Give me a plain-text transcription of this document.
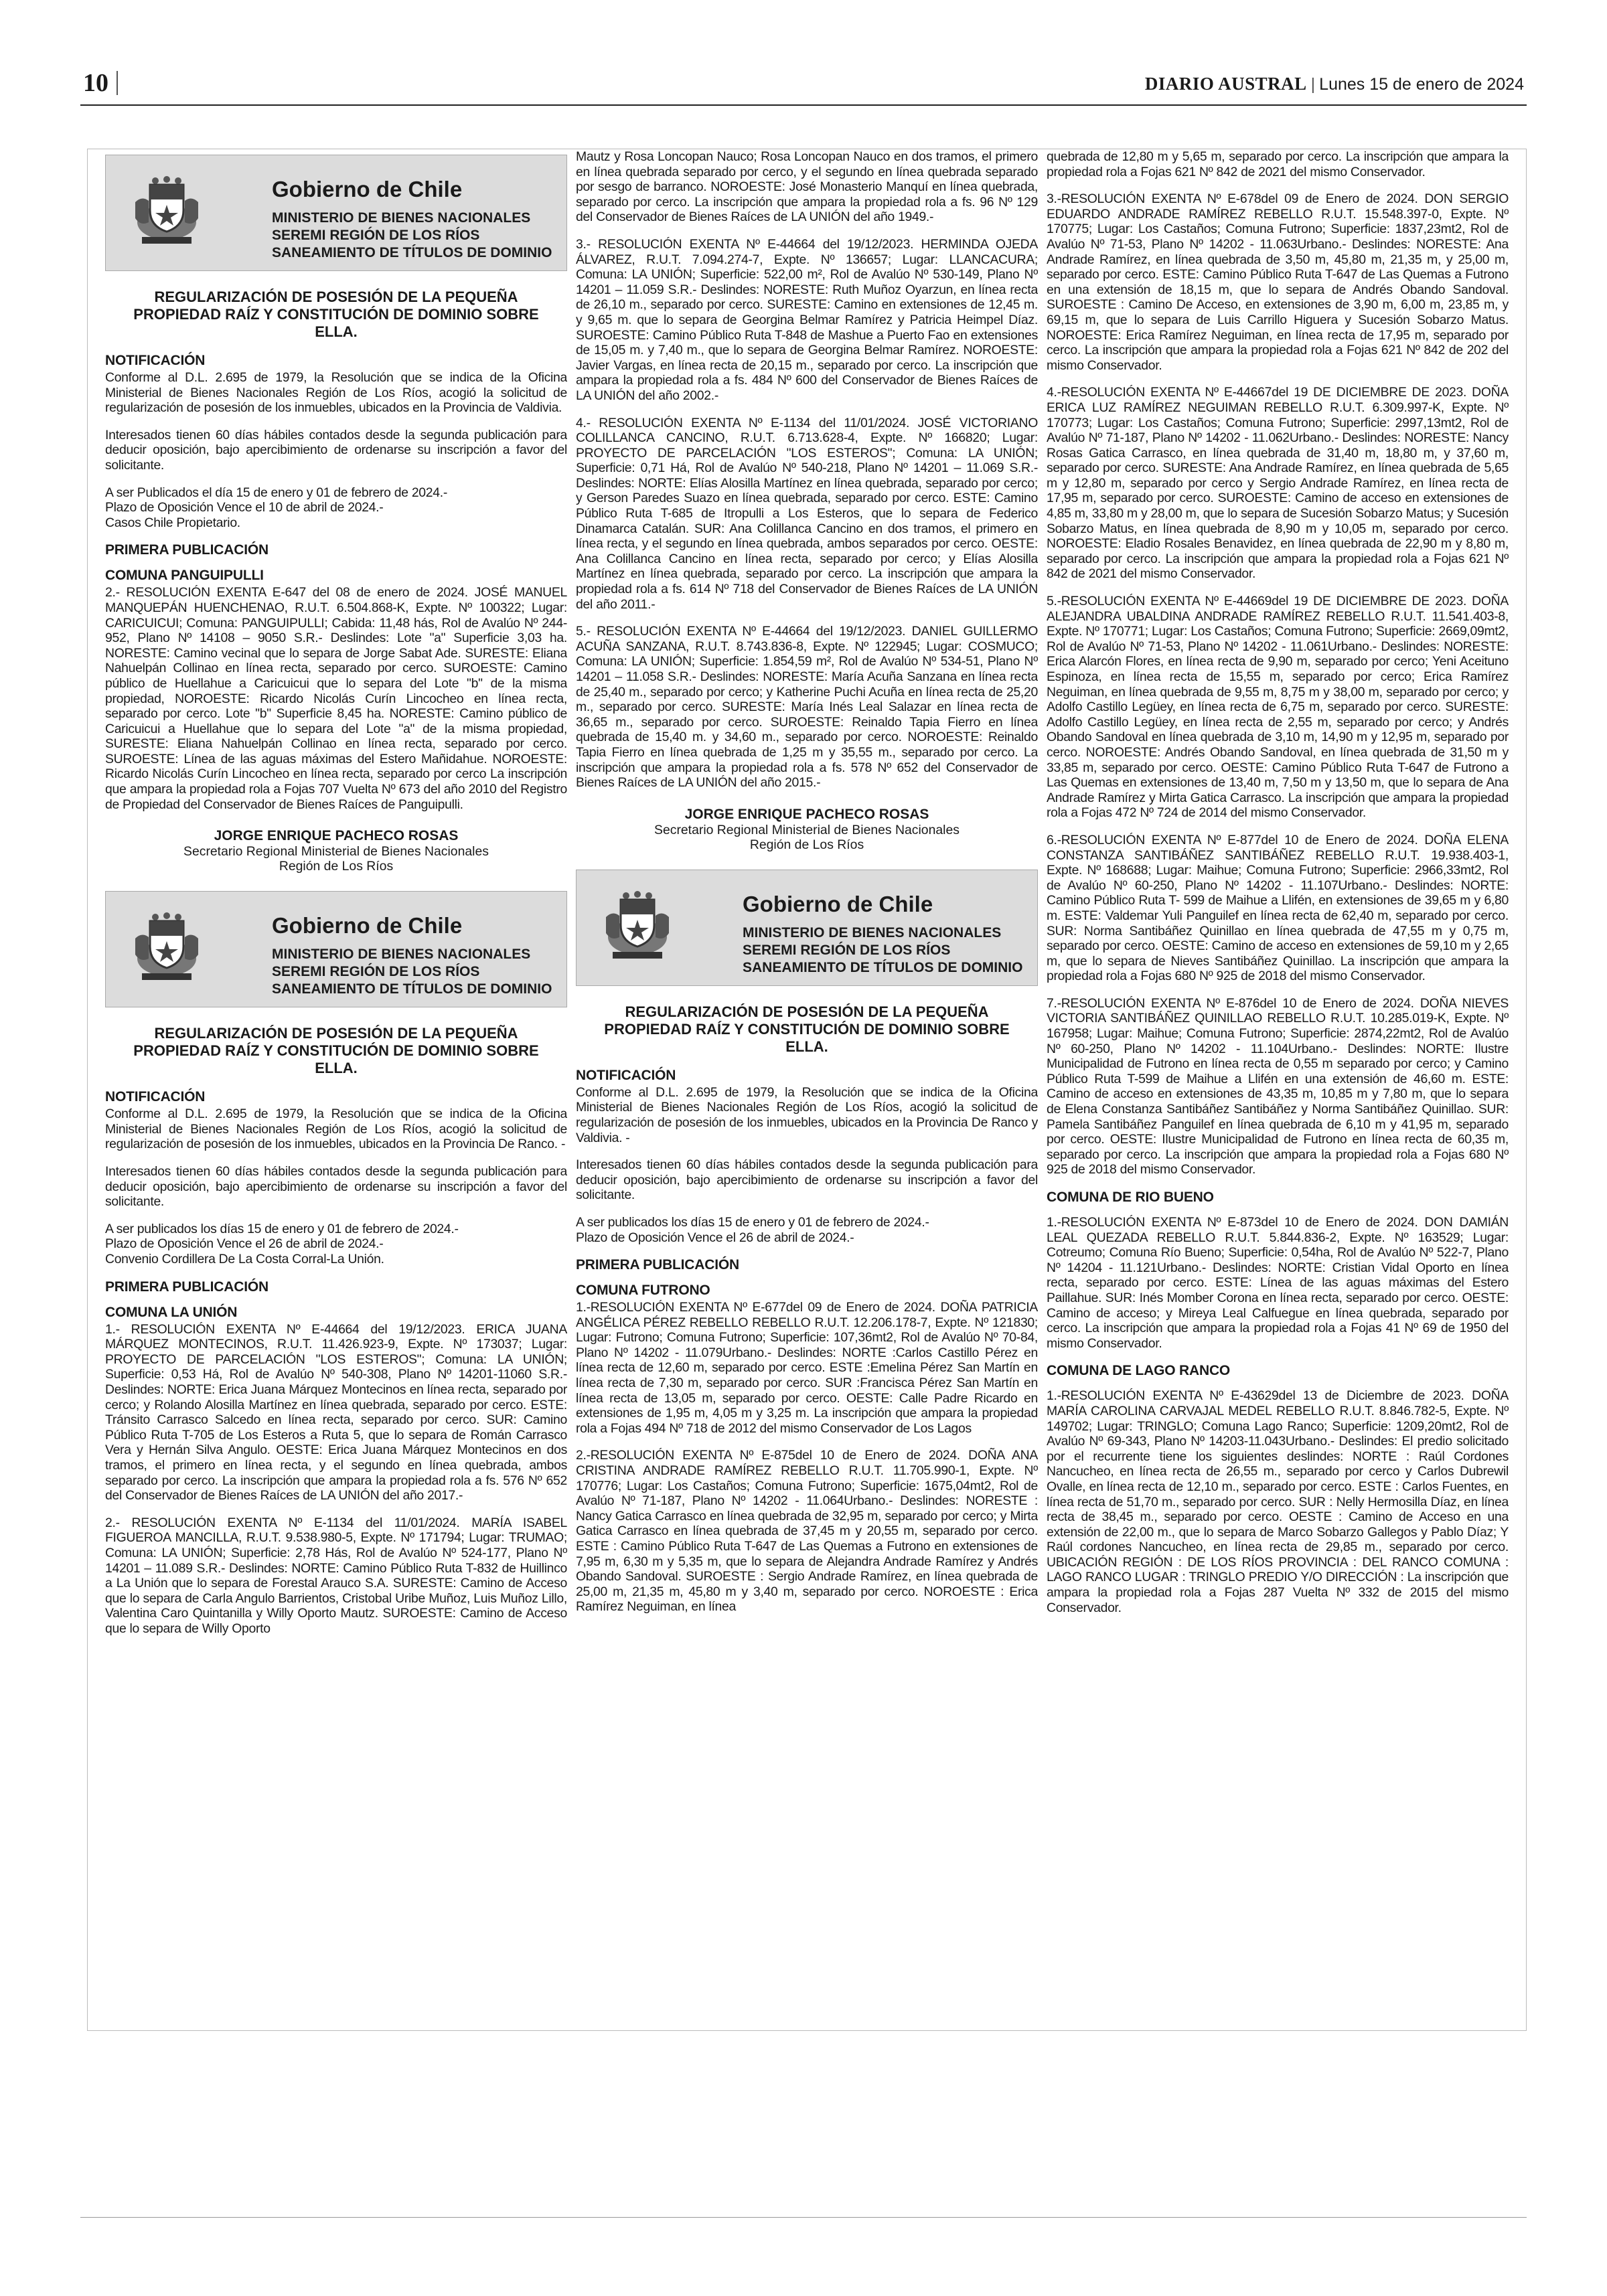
10	DIARIO AUSTRAL | Lunes 15 de enero de 2024
Gobierno de Chile
MINISTERIO DE BIENES NACIONALES
SEREMI REGIÓN DE LOS RÍOS
SANEAMIENTO DE TÍTULOS DE DOMINIO
REGULARIZACIÓN DE POSESIÓN DE LA PEQUEÑA PROPIEDAD RAÍZ Y CONSTITUCIÓN DE DOMINIO SOBRE ELLA.
NOTIFICACIÓN

Conforme al D.L. 2.695 de 1979, la Resolución que se indica de la Oficina Ministerial de Bienes Nacionales Región de Los Ríos, acogió la solicitud de regularización de posesión de los inmuebles, ubicados en la Provincia de Valdivia.

Interesados tienen 60 días hábiles contados desde la segunda publicación para deducir oposición, bajo apercibimiento de ordenarse su inscripción a favor del solicitante.

A ser Publicados el día 15 de enero y 01 de febrero de 2024.-

Plazo de Oposición Vence el 10 de abril de 2024.-

Casos Chile Propietario.

PRIMERA PUBLICACIÓN
COMUNA PANGUIPULLI

2.- RESOLUCIÓN EXENTA E-647 del 08 de enero de 2024. JOSÉ MANUEL MANQUEPÁN HUENCHENAO, R.U.T. 6.504.868-K, Expte. Nº 100322; Lugar: CARICUICUI; Comuna: PANGUIPULLI; Cabida: 11,48 hás, Rol de Avalúo Nº 244-952, Plano Nº 14108 – 9050 S.R.- Deslindes: Lote "a" Superficie 3,03 ha. NORESTE: Camino vecinal que lo separa de Jorge Sabat Ade. SURESTE: Eliana Nahuelpán Collinao en línea recta, separado por cerco. SUROESTE: Camino público de Huellahue a Caricuicui que lo separa del Lote "b" de la misma propiedad, NOROESTE: Ricardo Nicolás Curín Lincocheo en línea recta, separado por cerco. Lote "b" Superficie 8,45 ha. NORESTE: Camino público de Caricuicui a Huellahue que lo separa del Lote "a" de la misma propiedad, SURESTE: Eliana Nahuelpán Collinao en línea recta, separado por cerco. SUROESTE: Línea de las aguas máximas del Estero Mañidahue. NOROESTE: Ricardo Nicolás Curín Lincocheo en línea recta, separado por cerco La inscripción que ampara la propiedad rola a Fojas 707 Vuelta Nº 673 del año 2010 del Registro de Propiedad del Conservador de Bienes Raíces de Panguipulli.

JORGE ENRIQUE PACHECO ROSAS
Secretario Regional Ministerial de Bienes Nacionales
Región de Los Ríos
Gobierno de Chile
MINISTERIO DE BIENES NACIONALES
SEREMI REGIÓN DE LOS RÍOS
SANEAMIENTO DE TÍTULOS DE DOMINIO
REGULARIZACIÓN DE POSESIÓN DE LA PEQUEÑA PROPIEDAD RAÍZ Y CONSTITUCIÓN DE DOMINIO SOBRE ELLA.
NOTIFICACIÓN

Conforme al D.L. 2.695 de 1979, la Resolución que se indica de la Oficina Ministerial de Bienes Nacionales Región de Los Ríos, acogió la solicitud de regularización de posesión de los inmuebles, ubicados en la Provincia De Ranco. -

Interesados tienen 60 días hábiles contados desde la segunda publicación para deducir oposición, bajo apercibimiento de ordenarse su inscripción a favor del solicitante.

A ser publicados los días 15 de enero y 01 de febrero de 2024.-

Plazo de Oposición Vence el 26 de abril de 2024.-

Convenio Cordillera De La Costa Corral-La Unión.

PRIMERA PUBLICACIÓN
COMUNA LA UNIÓN

1.- RESOLUCIÓN EXENTA Nº E-44664 del 19/12/2023. ERICA JUANA MÁRQUEZ MONTECINOS, R.U.T. 11.426.923-9, Expte. Nº 173037; Lugar: PROYECTO DE PARCELACIÓN "LOS ESTEROS"; Comuna: LA UNIÓN; Superficie: 0,53 Há, Rol de Avalúo Nº 540-308, Plano Nº 14201-11060 S.R.- Deslindes: NORTE: Erica Juana Márquez Montecinos en línea recta, separado por cerco; y Rolando Alosilla Martínez en línea quebrada, separado por cerco. ESTE: Tránsito Carrasco Salcedo en línea recta, separado por cerco. SUR: Camino Público Ruta T-705 de Los Esteros a Ruta 5, que lo separa de Román Carrasco Vera y Hernán Silva Angulo. OESTE: Erica Juana Márquez Montecinos en dos tramos, el primero en línea recta, y el segundo en línea quebrada, ambos separado por cerco. La inscripción que ampara la propiedad rola a fs. 576 Nº 652 del Conservador de Bienes Raíces de LA UNIÓN del año 2017.-

2.- RESOLUCIÓN EXENTA Nº E-1134 del 11/01/2024. MARÍA ISABEL FIGUEROA MANCILLA, R.U.T. 9.538.980-5, Expte. Nº 171794; Lugar: TRUMAO; Comuna: LA UNIÓN; Superficie: 2,78 Hás, Rol de Avalúo Nº 524-177, Plano Nº 14201 – 11.089 S.R.- Deslindes: NORTE: Camino Público Ruta T-832 de Huillinco a La Unión que lo separa de Forestal Arauco S.A. SURESTE: Camino de Acceso que lo separa de Carla Angulo Barrientos, Cristobal Uribe Muñoz, Luis Muñoz Lillo, Valentina Caro Quintanilla y Willy Oporto Mautz. SUROESTE: Camino de Acceso que lo separa de Willy Oporto

Mautz y Rosa Loncopan Nauco; Rosa Loncopan Nauco en dos tramos, el primero en línea quebrada separado por cerco, y el segundo en línea quebrada separado por sesgo de barranco. NOROESTE: José Monasterio Manquí en línea quebrada, separado por cerco. La inscripción que ampara la propiedad rola a fs. 96 Nº 129 del Conservador de Bienes Raíces de LA UNIÓN del año 1949.-

3.- RESOLUCIÓN EXENTA Nº E-44664 del 19/12/2023. HERMINDA OJEDA ÁLVAREZ, R.U.T. 7.094.274-7, Expte. Nº 136657; Lugar: LLANCACURA; Comuna: LA UNIÓN; Superficie: 522,00 m², Rol de Avalúo Nº 530-149, Plano Nº 14201 – 11.059 S.R.- Deslindes: NORESTE: Ruth Muñoz Oyarzun, en línea recta de 26,10 m., separado por cerco. SURESTE: Camino en extensiones de 12,45 m. y 9,65 m. que lo separa de Georgina Belmar Ramírez y Patricia Heimpel Díaz. SUROESTE: Camino Público Ruta T-848 de Mashue a Puerto Fao en extensiones de 15,05 m. y 7,40 m., que lo separa de Georgina Belmar Ramírez. NOROESTE: Javier Vargas, en línea recta de 20,15 m., separado por cerco. La inscripción que ampara la propiedad rola a fs. 484 Nº 600 del Conservador de Bienes Raíces de LA UNIÓN del año 2002.-

4.- RESOLUCIÓN EXENTA Nº E-1134 del 11/01/2024. JOSÉ VICTORIANO COLILLANCA CANCINO, R.U.T. 6.713.628-4, Expte. Nº 166820; Lugar: PROYECTO DE PARCELACIÓN "LOS ESTEROS"; Comuna: LA UNIÓN; Superficie: 0,71 Há, Rol de Avalúo Nº 540-218, Plano Nº 14201 – 11.069 S.R.- Deslindes: NORTE: Elías Alosilla Martínez en línea quebrada, separado por cerco; y Gerson Paredes Suazo en línea quebrada, separado por cerco. ESTE: Camino Público Ruta T-685 de Itropulli a Los Esteros, que lo separa de Federico Dinamarca Catalán. SUR: Ana Colillanca Cancino en dos tramos, el primero en línea recta, y el segundo en línea quebrada, ambos separados por cerco. OESTE: Ana Colillanca Cancino en línea recta, separado por cerco; y Elías Alosilla Martínez en línea quebrada, separado por cerco. La inscripción que ampara la propiedad rola a fs. 614 Nº 718 del Conservador de Bienes Raíces de LA UNIÓN del año 2011.-

5.- RESOLUCIÓN EXENTA Nº E-44664 del 19/12/2023. DANIEL GUILLERMO ACUÑA SANZANA, R.U.T. 8.743.836-8, Expte. Nº 122945; Lugar: COSMUCO; Comuna: LA UNIÓN; Superficie: 1.854,59 m², Rol de Avalúo Nº 534-51, Plano Nº 14201 – 11.058 S.R.- Deslindes: NORESTE: María Acuña Sanzana en línea recta de 25,40 m., separado por cerco; y Katherine Puchi Acuña en línea recta de 25,20 m., separado por cerco. SURESTE: María Inés Leal Salazar en línea recta de 36,65 m., separado por cerco. SUROESTE: Reinaldo Tapia Fierro en línea quebrada de 15,40 m. y 34,60 m., separado por cerco. NOROESTE: Reinaldo Tapia Fierro en línea quebrada de 1,25 m y 35,55 m., separado por cerco. La inscripción que ampara la propiedad rola a fs. 578 Nº 652 del Conservador de Bienes Raíces de LA UNIÓN del año 2015.-

JORGE ENRIQUE PACHECO ROSAS
Secretario Regional Ministerial de Bienes Nacionales
Región de Los Ríos
Gobierno de Chile
MINISTERIO DE BIENES NACIONALES
SEREMI REGIÓN DE LOS RÍOS
SANEAMIENTO DE TÍTULOS DE DOMINIO
REGULARIZACIÓN DE POSESIÓN DE LA PEQUEÑA PROPIEDAD RAÍZ Y CONSTITUCIÓN DE DOMINIO SOBRE ELLA.
NOTIFICACIÓN

Conforme al D.L. 2.695 de 1979, la Resolución que se indica de la Oficina Ministerial de Bienes Nacionales Región de Los Ríos, acogió la solicitud de regularización de posesión de los inmuebles, ubicados en la Provincia De Ranco y Valdivia. -

Interesados tienen 60 días hábiles contados desde la segunda publicación para deducir oposición, bajo apercibimiento de ordenarse su inscripción a favor del solicitante.

A ser publicados los días 15 de enero y 01 de febrero de 2024.-

Plazo de Oposición Vence el 26 de abril de 2024.-

PRIMERA PUBLICACIÓN
COMUNA FUTRONO

1.-RESOLUCIÓN EXENTA Nº E-677del 09 de Enero de 2024. DOÑA PATRICIA ANGÉLICA PÉREZ REBELLO REBELLO R.U.T. 12.206.178-7, Expte. Nº 121830; Lugar: Futrono; Comuna Futrono; Superficie: 107,36mt2, Rol de Avalúo Nº 70-84, Plano Nº 14202 - 11.079Urbano.- Deslindes: NORTE :Carlos Castillo Pérez en línea recta de 12,60 m, separado por cerco. ESTE :Emelina Pérez San Martín en línea recta de 7,30 m, separado por cerco. SUR :Francisca Pérez San Martín en línea recta de 13,05 m, separado por cerco. OESTE: Calle Padre Ricardo en extensiones de 1,95 m, 4,05 m y 3,25 m. La inscripción que ampara la propiedad rola a Fojas 494 Nº 718 de 2012 del mismo Conservador de Los Lagos

2.-RESOLUCIÓN EXENTA Nº E-875del 10 de Enero de 2024. DOÑA ANA CRISTINA ANDRADE RAMÍREZ REBELLO R.U.T. 11.705.990-1, Expte. Nº 170776; Lugar: Los Castaños; Comuna Futrono; Superficie: 1675,04mt2, Rol de Avalúo Nº 71-187, Plano Nº 14202 - 11.064Urbano.- Deslindes: NORESTE : Nancy Gatica Carrasco en línea quebrada de 32,95 m, separado por cerco; y Mirta Gatica Carrasco en línea quebrada de 37,45 m y 20,55 m, separado por cerco. ESTE : Camino Público Ruta T-647 de Las Quemas a Futrono en extensiones de 7,95 m, 6,30 m y 5,35 m, que lo separa de Alejandra Andrade Ramírez y Andrés Obando Sandoval. SUROESTE : Sergio Andrade Ramírez, en línea quebrada de 25,00 m, 21,35 m, 45,80 m y 3,40 m, separado por cerco. NOROESTE : Erica Ramírez Neguiman, en línea

quebrada de 12,80 m y 5,65 m, separado por cerco. La inscripción que ampara la propiedad rola a Fojas 621 Nº 842 de 2021 del mismo Conservador.

3.-RESOLUCIÓN EXENTA Nº E-678del 09 de Enero de 2024. DON SERGIO EDUARDO ANDRADE RAMÍREZ REBELLO R.U.T. 15.548.397-0, Expte. Nº 170775; Lugar: Los Castaños; Comuna Futrono; Superficie: 1837,23mt2, Rol de Avalúo Nº 71-53, Plano Nº 14202 - 11.063Urbano.- Deslindes: NORESTE: Ana Andrade Ramírez, en línea quebrada de 3,50 m, 45,80 m, 21,35 m, y 25,00 m, separado por cerco. ESTE: Camino Público Ruta T-647 de Las Quemas a Futrono en una extensión de 18,15 m, que lo separa de Andrés Obando Sandoval. SUROESTE : Camino De Acceso, en extensiones de 3,90 m, 6,00 m, 23,85 m, y 69,15 m, que lo separa de Luis Carrillo Higuera y Sucesión Sobarzo Matus. NOROESTE: Erica Ramírez Neguiman, en línea recta de 17,95 m, separado por cerco. La inscripción que ampara la propiedad rola a Fojas 621 Nº 842 de 202 del mismo Conservador.

4.-RESOLUCIÓN EXENTA Nº E-44667del 19 DE DICIEMBRE DE 2023. DOÑA ERICA LUZ RAMÍREZ NEGUIMAN REBELLO R.U.T. 6.309.997-K, Expte. Nº 170773; Lugar: Los Castaños; Comuna Futrono; Superficie: 2997,13mt2, Rol de Avalúo Nº 71-187, Plano Nº 14202 - 11.062Urbano.- Deslindes: NORESTE: Nancy Rosas Gatica Carrasco, en línea quebrada de 31,40 m, 18,80 m, y 37,60 m, separado por cerco. SURESTE: Ana Andrade Ramírez, en línea quebrada de 5,65 m y 12,80 m, separado por cerco y Sergio Andrade Ramírez, en línea recta de 17,95 m, separado por cerco. SUROESTE: Camino de acceso en extensiones de 4,85 m, 33,80 m y 28,00 m, que lo separa de Sucesión Sobarzo Matus; y Sucesión Sobarzo Matus, en línea quebrada de 8,90 m y 10,05 m, separado por cerco. NOROESTE: Eladio Rosales Benavidez, en línea quebrada de 22,90 m y 8,80 m, separado por cerco. La inscripción que ampara la propiedad rola a Fojas 621 Nº 842 de 2021 del mismo Conservador.

5.-RESOLUCIÓN EXENTA Nº E-44669del 19 DE DICIEMBRE DE 2023. DOÑA ALEJANDRA UBALDINA ANDRADE RAMÍREZ REBELLO R.U.T. 11.541.403-8, Expte. Nº 170771; Lugar: Los Castaños; Comuna Futrono; Superficie: 2669,09mt2, Rol de Avalúo Nº 71-53, Plano Nº 14202 - 11.061Urbano.- Deslindes: NORESTE: Erica Alarcón Flores, en línea recta de 9,90 m, separado por cerco; Yeni Aceituno Espinoza, en línea recta de 15,55 m, separado por cerco; Erica Ramírez Neguiman, en línea quebrada de 9,55 m, 8,75 m y 38,00 m, separado por cerco; y Adolfo Castillo Legüey, en línea recta de 6,75 m, separado por cerco. SURESTE: Adolfo Castillo Legüey, en línea recta de 2,55 m, separado por cerco; y Andrés Obando Sandoval en línea quebrada de 3,10 m, 14,90 m y 12,95 m, separado por cerco. NOROESTE: Andrés Obando Sandoval, en línea quebrada de 31,50 m y 33,85 m, separado por cerco. OESTE: Camino Público Ruta T-647 de Futrono a Las Quemas en extensiones de 13,40 m, 7,50 m y 13,50 m, que lo separa de Ana Andrade Ramírez y Mirta Gatica Carrasco. La inscripción que ampara la propiedad rola a Fojas 472 Nº 724 de 2014 del mismo Conservador.

6.-RESOLUCIÓN EXENTA Nº E-877del 10 de Enero de 2024. DOÑA ELENA CONSTANZA SANTIBÁÑEZ SANTIBÁÑEZ REBELLO R.U.T. 19.938.403-1, Expte. Nº 168688; Lugar: Maihue; Comuna Futrono; Superficie: 2966,33mt2, Rol de Avalúo Nº 60-250, Plano Nº 14202 - 11.107Urbano.- Deslindes: NORTE: Camino Público Ruta T- 599 de Maihue a Llifén, en extensiones de 39,65 m y 6,80 m. ESTE: Valdemar Yuli Panguilef en línea recta de 62,40 m, separado por cerco. SUR: Norma Santibáñez Quinillao en línea quebrada de 47,55 m y 0,75 m, separado por cerco. OESTE: Camino de acceso en extensiones de 59,10 m y 2,65 m, que lo separa de Nieves Santibáñez Quinillao. La inscripción que ampara la propiedad rola a Fojas 680 Nº 925 de 2018 del mismo Conservador.

7.-RESOLUCIÓN EXENTA Nº E-876del 10 de Enero de 2024. DOÑA NIEVES VICTORIA SANTIBÁÑEZ QUINILLAO REBELLO R.U.T. 10.285.019-K, Expte. Nº 167958; Lugar: Maihue; Comuna Futrono; Superficie: 2874,22mt2, Rol de Avalúo Nº 60-250, Plano Nº 14202 - 11.104Urbano.- Deslindes: NORTE: Ilustre Municipalidad de Futrono en línea recta de 0,55 m separado por cerco; y Camino Público Ruta T-599 de Maihue a Llifén en una extensión de 46,60 m. ESTE: Camino de acceso en extensiones de 43,35 m, 10,85 m y 7,80 m, que lo separa de Elena Constanza Santibáñez Santibáñez y Norma Santibáñez Quinillao. SUR: Pamela Santibáñez Panguilef en línea quebrada de 6,10 m y 41,95 m, separado por cerco. OESTE: Ilustre Municipalidad de Futrono en línea recta de 60,35 m, separado por cerco. La inscripción que ampara la propiedad rola a Fojas 680 Nº 925 de 2018 del mismo Conservador.

COMUNA DE RIO BUENO

1.-RESOLUCIÓN EXENTA Nº E-873del 10 de Enero de 2024. DON DAMIÁN LEAL QUEZADA REBELLO R.U.T. 5.844.836-2, Expte. Nº 163529; Lugar: Cotreumo; Comuna Río Bueno; Superficie: 0,54ha, Rol de Avalúo Nº 522-7, Plano Nº 14204 - 11.121Urbano.- Deslindes: NORTE: Cristian Vidal Oporto en línea recta, separado por cerco. ESTE: Línea de las aguas máximas del Estero Paillahue. SUR: Inés Momber Corona en línea recta, separado por cerco. OESTE: Camino de acceso; y Mireya Leal Calfuegue en línea quebrada, separado por cerco. La inscripción que ampara la propiedad rola a Fojas 41 Nº 69 de 1950 del mismo Conservador.

COMUNA DE LAGO RANCO

1.-RESOLUCIÓN EXENTA Nº E-43629del 13 de Diciembre de 2023. DOÑA MARÍA CAROLINA CARVAJAL MEDEL REBELLO R.U.T. 8.846.782-5, Expte. Nº 149702; Lugar: TRINGLO; Comuna Lago Ranco; Superficie: 1209,20mt2, Rol de Avalúo Nº 69-343, Plano Nº 14203-11.043Urbano.- Deslindes: El predio solicitado por el recurrente tiene los siguientes deslindes: NORTE : Raúl Cordones Nancucheo, en línea recta de 26,55 m., separado por cerco y Carlos Dubrewil Ovalle, en línea recta de 12,10 m., separado por cerco. ESTE : Carlos Fuentes, en línea recta de 51,70 m., separado por cerco. SUR : Nelly Hermosilla Díaz, en línea recta de 38,45 m., separado por cerco. OESTE : Camino de Acceso en una extensión de 22,00 m., que lo separa de Marco Sobarzo Gallegos y Pablo Díaz; Y Raúl cordones Nancucheo, en línea recta de 29,85 m., separado por cerco. UBICACIÓN REGIÓN : DE LOS RÍOS PROVINCIA : DEL RANCO COMUNA : LAGO RANCO LUGAR : TRINGLO PREDIO Y/O DIRECCIÓN : La inscripción que ampara la propiedad rola a Fojas 287 Vuelta Nº 332 de 2015 del mismo Conservador.
